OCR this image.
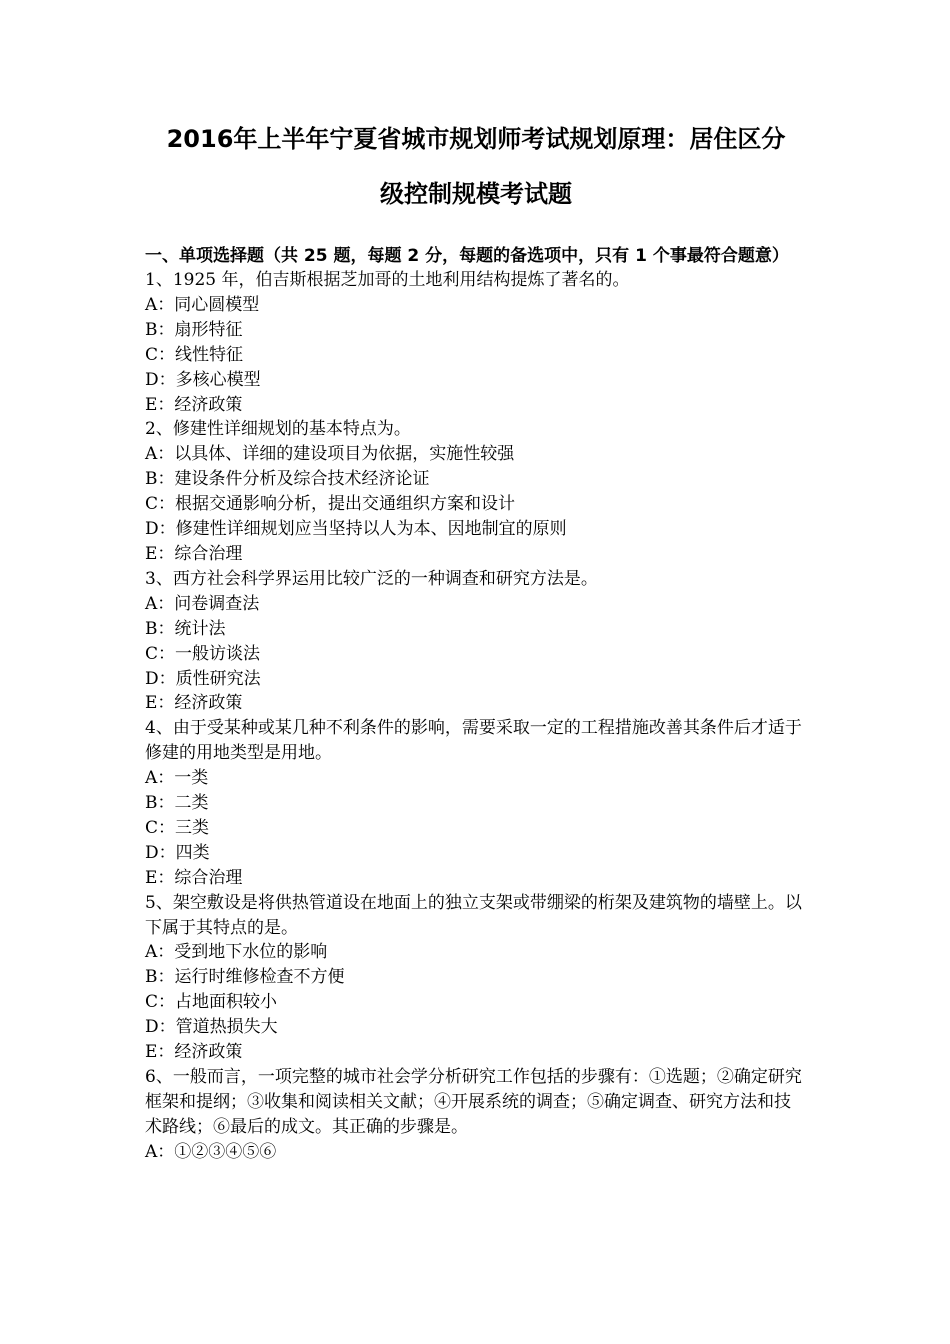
2016年上半年宁夏省城市规划师考试规划原理：居住区分
级控制规模考试题

一、单项选择题（共 25 题，每题 2 分，每题的备选项中，只有 1 个事最符合题意）

1、1925 年，伯吉斯根据芝加哥的土地利用结构提炼了著名的。

A：同心圆模型

B：扇形特征

C：线性特征

D：多核心模型

E：经济政策

2、修建性详细规划的基本特点为。

A：以具体、详细的建设项目为依据，实施性较强

B：建设条件分析及综合技术经济论证

C：根据交通影响分析，提出交通组织方案和设计

D：修建性详细规划应当坚持以人为本、因地制宜的原则

E：综合治理

3、西方社会科学界运用比较广泛的一种调查和研究方法是。

A：问卷调查法

B：统计法

C：一般访谈法

D：质性研究法

E：经济政策

4、由于受某种或某几种不利条件的影响，需要采取一定的工程措施改善其条件后才适于修建的用地类型是用地。

A：一类

B：二类

C：三类

D：四类

E：综合治理

5、架空敷设是将供热管道设在地面上的独立支架或带绷梁的桁架及建筑物的墙壁上。以下属于其特点的是。

A：受到地下水位的影响

B：运行时维修检查不方便

C：占地面积较小

D：管道热损失大

E：经济政策

6、一般而言，一项完整的城市社会学分析研究工作包括的步骤有：①选题；②确定研究框架和提纲；③收集和阅读相关文献；④开展系统的调查；⑤确定调查、研究方法和技术路线；⑥最后的成文。其正确的步骤是。

A：①②③④⑤⑥
